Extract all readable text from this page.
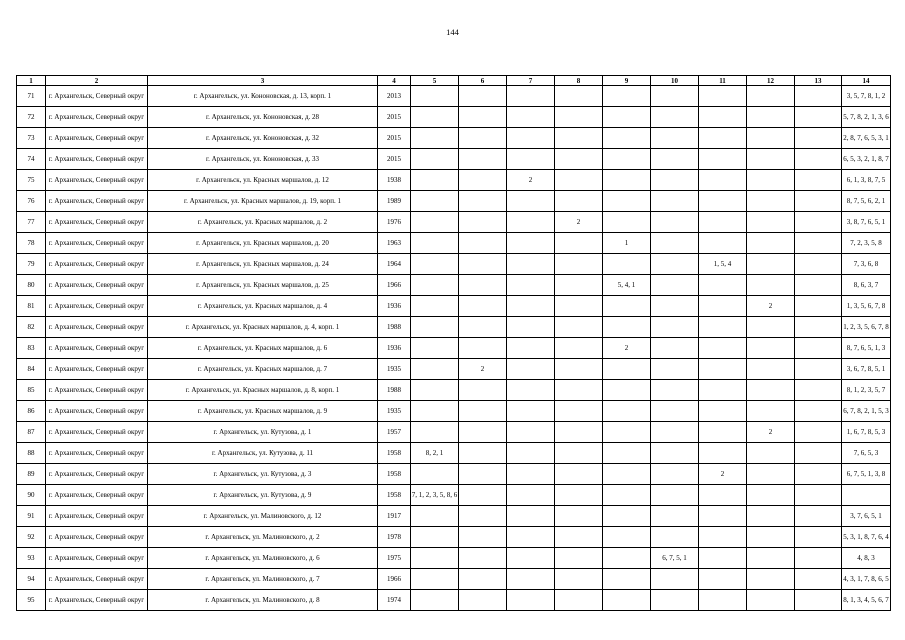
144
1	2	3	4	5	6	7	8	9	10	11	12	13	14
71	г. Архангельск, Северный округ	г. Архангельск, ул. Кононовская, д. 13, корп. 1	2013										3, 5, 7, 8, 1, 2
72	г. Архангельск, Северный округ	г. Архангельск, ул. Кононовская, д. 28	2015										5, 7, 8, 2, 1, 3, 6
73	г. Архангельск, Северный округ	г. Архангельск, ул. Кононовская, д. 32	2015										2, 8, 7, 6, 5, 3, 1
74	г. Архангельск, Северный округ	г. Архангельск, ул. Кононовская, д. 33	2015										6, 5, 3, 2, 1, 8, 7
75	г. Архангельск, Северный округ	г. Архангельск, ул. Красных маршалов, д. 12	1938			2							6, 1, 3, 8, 7, 5
76	г. Архангельск, Северный округ	г. Архангельск, ул. Красных маршалов, д. 19, корп. 1	1989										8, 7, 5, 6, 2, 1
77	г. Архангельск, Северный округ	г. Архангельск, ул. Красных маршалов, д. 2	1976				2						3, 8, 7, 6, 5, 1
78	г. Архангельск, Северный округ	г. Архангельск, ул. Красных маршалов, д. 20	1963					1					7, 2, 3, 5, 8
79	г. Архангельск, Северный округ	г. Архангельск, ул. Красных маршалов, д. 24	1964							1, 5, 4			7, 3, 6, 8
80	г. Архангельск, Северный округ	г. Архангельск, ул. Красных маршалов, д. 25	1966					5, 4, 1					8, 6, 3, 7
81	г. Архангельск, Северный округ	г. Архангельск, ул. Красных маршалов, д. 4	1936								2		1, 3, 5, 6, 7, 8
82	г. Архангельск, Северный округ	г. Архангельск, ул. Красных маршалов, д. 4, корп. 1	1988										1, 2, 3, 5, 6, 7, 8
83	г. Архангельск, Северный округ	г. Архангельск, ул. Красных маршалов, д. 6	1936					2					8, 7, 6, 5, 1, 3
84	г. Архангельск, Северный округ	г. Архангельск, ул. Красных маршалов, д. 7	1935		2								3, 6, 7, 8, 5, 1
85	г. Архангельск, Северный округ	г. Архангельск, ул. Красных маршалов, д. 8, корп. 1	1988										8, 1, 2, 3, 5, 7
86	г. Архангельск, Северный округ	г. Архангельск, ул. Красных маршалов, д. 9	1935										6, 7, 8, 2, 1, 5, 3
87	г. Архангельск, Северный округ	г. Архангельск, ул. Кутузова, д. 1	1957								2		1, 6, 7, 8, 5, 3
88	г. Архангельск, Северный округ	г. Архангельск, ул. Кутузова, д. 11	1958	8, 2, 1									7, 6, 5, 3
89	г. Архангельск, Северный округ	г. Архангельск, ул. Кутузова, д. 3	1958							2			6, 7, 5, 1, 3, 8
90	г. Архангельск, Северный округ	г. Архангельск, ул. Кутузова, д. 9	1958	7, 1, 2, 3, 5, 8, 6									
91	г. Архангельск, Северный округ	г. Архангельск, ул. Малиновского, д. 12	1917										3, 7, 6, 5, 1
92	г. Архангельск, Северный округ	г. Архангельск, ул. Малиновского, д. 2	1978										5, 3, 1, 8, 7, 6, 4
93	г. Архангельск, Северный округ	г. Архангельск, ул. Малиновского, д. 6	1975						6, 7, 5, 1				4, 8, 3
94	г. Архангельск, Северный округ	г. Архангельск, ул. Малиновского, д. 7	1966										4, 3, 1, 7, 8, 6, 5
95	г. Архангельск, Северный округ	г. Архангельск, ул. Малиновского, д. 8	1974										8, 1, 3, 4, 5, 6, 7
